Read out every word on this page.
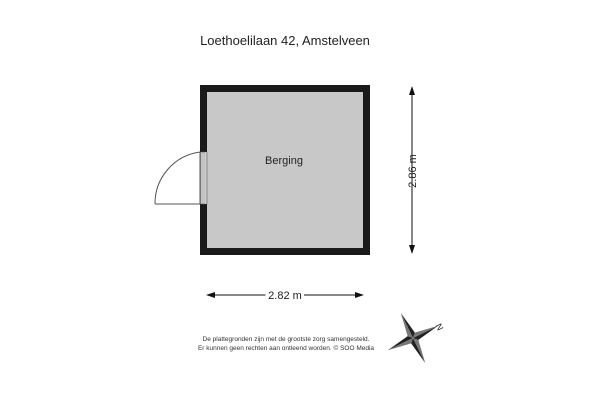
Loethoelilaan 42, Amstelveen
Berging	2.86 m
2.82 m
N
De plattegronden zijn met de grootste zorg samengesteld.
Er kunnen geen rechten aan ontleend worden. © SOO Media
